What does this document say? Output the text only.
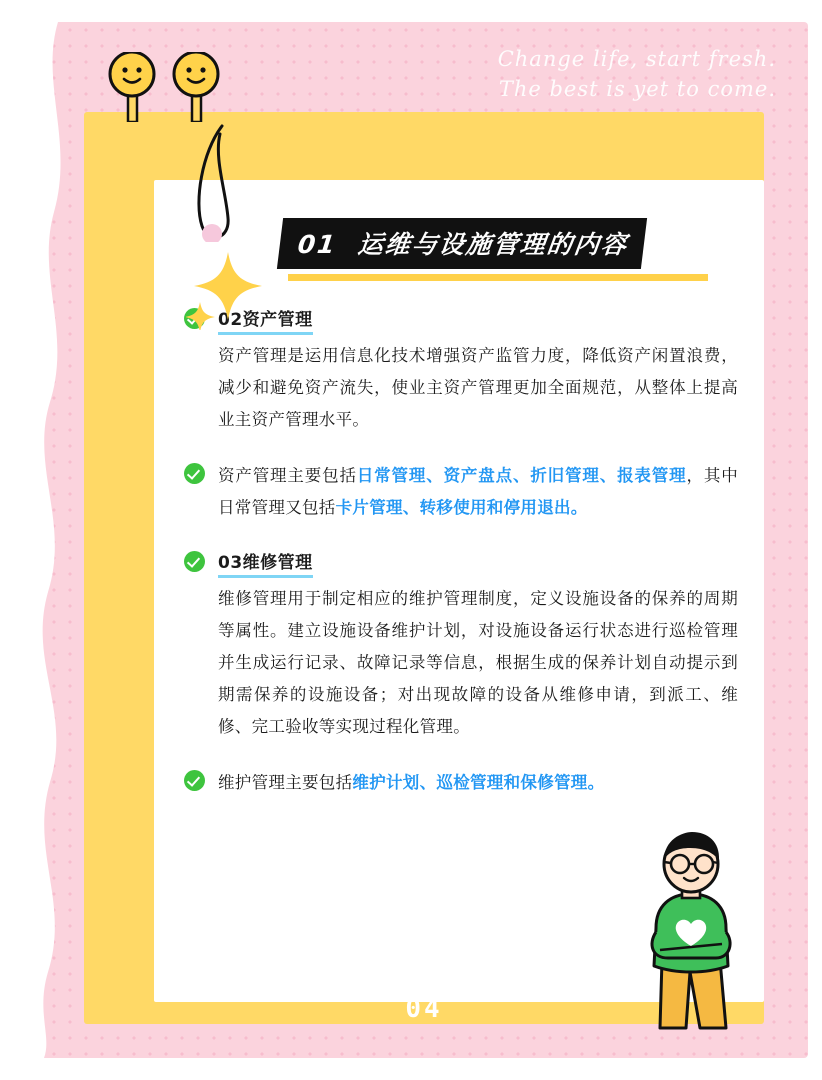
Change life, start fresh.
The best is yet to come.
01 运维与设施管理的内容
02资产管理
资产管理是运用信息化技术增强资产监管力度，降低资产闲置浪费，减少和避免资产流失，使业主资产管理更加全面规范，从整体上提高业主资产管理水平。
资产管理主要包括日常管理、资产盘点、折旧管理、报表管理，其中日常管理又包括卡片管理、转移使用和停用退出。
03维修管理
维修管理用于制定相应的维护管理制度，定义设施设备的保养的周期等属性。建立设施设备维护计划，对设施设备运行状态进行巡检管理并生成运行记录、故障记录等信息，根据生成的保养计划自动提示到期需保养的设施设备；对出现故障的设备从维修申请，到派工、维修、完工验收等实现过程化管理。
维护管理主要包括维护计划、巡检管理和保修管理。
04
